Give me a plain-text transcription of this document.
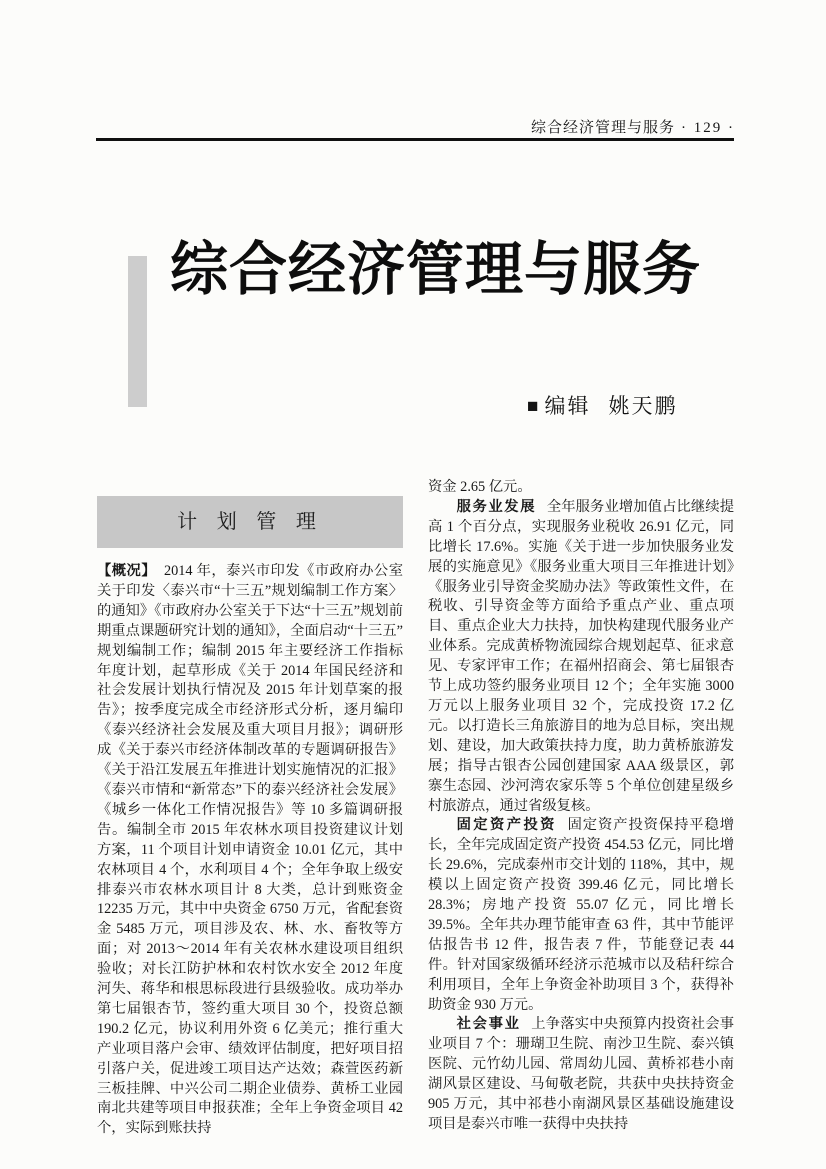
综合经济管理与服务 · 129 ·
综合经济管理与服务
■ 编辑 姚天鹏
计 划 管 理

【概况】 2014 年，泰兴市印发《市政府办公室关于印发〈泰兴市“十三五”规划编制工作方案〉的通知》《市政府办公室关于下达“十三五”规划前期重点课题研究计划的通知》，全面启动“十三五”规划编制工作；编制 2015 年主要经济工作指标年度计划，起草形成《关于 2014 年国民经济和社会发展计划执行情况及 2015 年计划草案的报告》；按季度完成全市经济形式分析，逐月编印《泰兴经济社会发展及重大项目月报》；调研形成《关于泰兴市经济体制改革的专题调研报告》《关于沿江发展五年推进计划实施情况的汇报》《泰兴市情和“新常态”下的泰兴经济社会发展》《城乡一体化工作情况报告》等 10 多篇调研报告。编制全市 2015 年农林水项目投资建议计划方案，11 个项目计划申请资金 10.01 亿元，其中农林项目 4 个，水利项目 4 个；全年争取上级安排泰兴市农林水项目计 8 大类，总计到账资金 12235 万元，其中中央资金 6750 万元，省配套资金 5485 万元，项目涉及农、林、水、畜牧等方面；对 2013～2014 年有关农林水建设项目组织验收；对长江防护林和农村饮水安全 2012 年度河失、蒋华和根思标段进行县级验收。成功举办第七届银杏节，签约重大项目 30 个，投资总额 190.2 亿元，协议利用外资 6 亿美元；推行重大产业项目落户会审、绩效评估制度，把好项目招引落户关，促进竣工项目达产达效；森萱医药新三板挂牌、中兴公司二期企业债券、黄桥工业园南北共建等项目申报获准；全年上争资金项目 42 个，实际到账扶持

资金 2.65 亿元。

服务业发展 全年服务业增加值占比继续提高 1 个百分点，实现服务业税收 26.91 亿元，同比增长 17.6%。实施《关于进一步加快服务业发展的实施意见》《服务业重大项目三年推进计划》《服务业引导资金奖励办法》等政策性文件，在税收、引导资金等方面给予重点产业、重点项目、重点企业大力扶持，加快构建现代服务业产业体系。完成黄桥物流园综合规划起草、征求意见、专家评审工作；在福州招商会、第七届银杏节上成功签约服务业项目 12 个；全年实施 3000 万元以上服务业项目 32 个，完成投资 17.2 亿元。以打造长三角旅游目的地为总目标，突出规划、建设，加大政策扶持力度，助力黄桥旅游发展；指导古银杏公园创建国家 AAA 级景区，郭寨生态园、沙河湾农家乐等 5 个单位创建星级乡村旅游点，通过省级复核。

固定资产投资 固定资产投资保持平稳增长，全年完成固定资产投资 454.53 亿元，同比增长 29.6%，完成泰州市交计划的 118%，其中，规模以上固定资产投资 399.46 亿元，同比增长 28.3%；房地产投资 55.07 亿元，同比增长 39.5%。全年共办理节能审查 63 件，其中节能评估报告书 12 件，报告表 7 件，节能登记表 44 件。针对国家级循环经济示范城市以及秸秆综合利用项目，全年上争资金补助项目 3 个，获得补助资金 930 万元。

社会事业 上争落实中央预算内投资社会事业项目 7 个：珊瑚卫生院、南沙卫生院、泰兴镇医院、元竹幼儿园、常周幼儿园、黄桥祁巷小南湖风景区建设、马甸敬老院，共获中央扶持资金 905 万元，其中祁巷小南湖风景区基础设施建设项目是泰兴市唯一获得中央扶持
